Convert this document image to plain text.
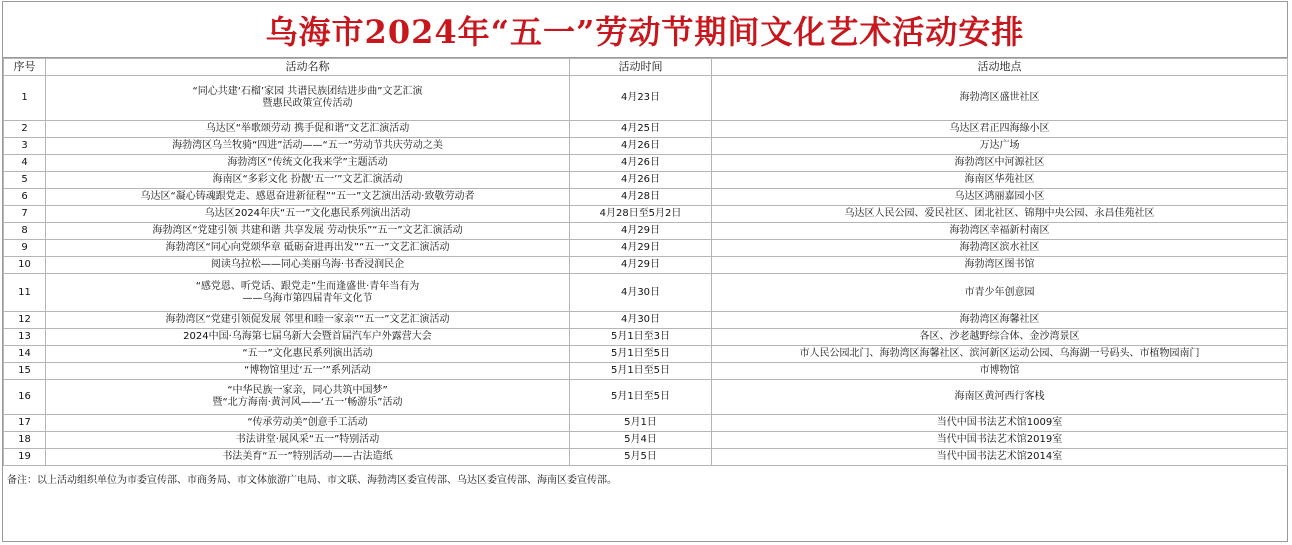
乌海市2024年“五一”劳动节期间文化艺术活动安排
序号	活动名称	活动时间	活动地点
1	“同心共建‘石榴’家园 共谱民族团结进步曲”文艺汇演
暨惠民政策宣传活动	4月23日	海勃湾区盛世社区
2	乌达区“举歌颂劳动 携手促和谐”文艺汇演活动	4月25日	乌达区君正四海綠小区
3	海勃湾区乌兰牧骑“四进”活动——“五一”劳动节共庆劳动之美	4月26日	万达广场
4	海勃湾区“传统文化我来学”主题活动	4月26日	海勃湾区中河源社区
5	海南区“多彩文化 扮靓‘五一’”文艺汇演活动	4月26日	海南区华苑社区
6	乌达区“凝心铸魂跟党走、感恩奋进新征程”“五一”文艺演出活动·致敬劳动者	4月28日	乌达区鸿丽嘉园小区
7	乌达区2024年庆“五一”文化惠民系列演出活动	4月28日至5月2日	乌达区人民公园、爱民社区、团北社区、锦翔中央公园、永昌佳苑社区
8	海勃湾区“党建引领 共建和谐 共享发展 劳动快乐”“五一”文艺汇演活动	4月29日	海勃湾区幸福新村南区
9	海勃湾区“同心向党颂华章 砥砺奋进再出发”“五一”文艺汇演活动	4月29日	海勃湾区滨水社区
10	阅读乌拉松——同心美丽乌海·书香浸润民企	4月29日	海勃湾区图书馆
11	“感党恩、听党话、跟党走”生而逢盛世·青年当有为
——乌海市第四届青年文化节	4月30日	市青少年创意园
12	海勃湾区“党建引领促发展 邻里和睦一家亲”“五一”文艺汇演活动	4月30日	海勃湾区海馨社区
13	2024中国·乌海第七届乌新大会暨首届汽车户外露营大会	5月1日至3日	各区、沙老越野综合体、金沙湾景区
14	“五一”文化惠民系列演出活动	5月1日至5日	市人民公园北门、海勃湾区海馨社区、滨河新区运动公园、乌海湖一号码头、市植物园南门
15	“博物馆里过‘五一’”系列活动	5月1日至5日	市博物馆
16	“中华民族一家亲，同心共筑中国梦”
暨“北方海南·黄河风——‘五一’畅游乐”活动	5月1日至5日	海南区黄河西行客栈
17	“传承劳动美”创意手工活动	5月1日	当代中国书法艺术馆1009室
18	书法讲堂·展风采“五一”特别活动	5月4日	当代中国书法艺术馆2019室
19	书法美育“五一”特别活动——古法造纸	5月5日	当代中国书法艺术馆2014室
备注：以上活动组织单位为市委宣传部、市商务局、市文体旅游广电局、市文联、海勃湾区委宣传部、乌达区委宣传部、海南区委宣传部。
